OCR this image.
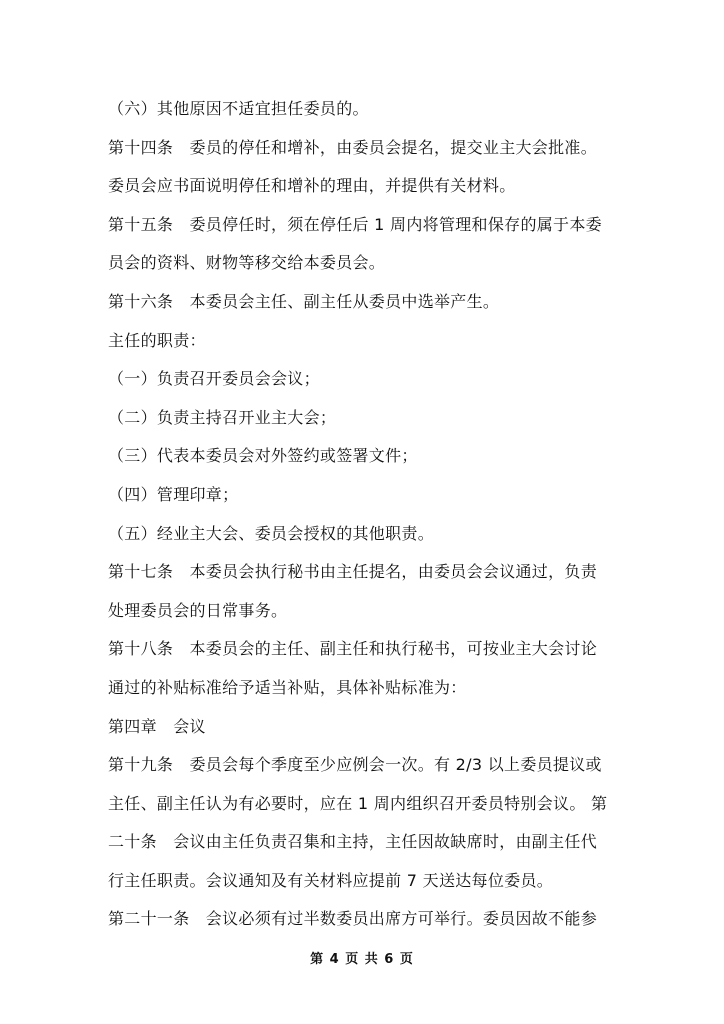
（六）其他原因不适宜担任委员的。
第十四条　委员的停任和增补，由委员会提名，提交业主大会批准。
委员会应书面说明停任和增补的理由，并提供有关材料。
第十五条　委员停任时，须在停任后 1 周内将管理和保存的属于本委
员会的资料、财物等移交给本委员会。
第十六条　本委员会主任、副主任从委员中选举产生。
主任的职责：
（一）负责召开委员会会议；
（二）负责主持召开业主大会；
（三）代表本委员会对外签约或签署文件；
（四）管理印章；
（五）经业主大会、委员会授权的其他职责。
第十七条　本委员会执行秘书由主任提名，由委员会会议通过，负责
处理委员会的日常事务。
第十八条　本委员会的主任、副主任和执行秘书，可按业主大会讨论
通过的补贴标准给予适当补贴，具体补贴标准为：
第四章　会议
第十九条　委员会每个季度至少应例会一次。有 2/3 以上委员提议或
主任、副主任认为有必要时，应在 1 周内组织召开委员特别会议。 第
二十条　会议由主任负责召集和主持，主任因故缺席时，由副主任代
行主任职责。会议通知及有关材料应提前 7 天送达每位委员。
第二十一条　会议必须有过半数委员出席方可举行。委员因故不能参
第 4 页 共 6 页
